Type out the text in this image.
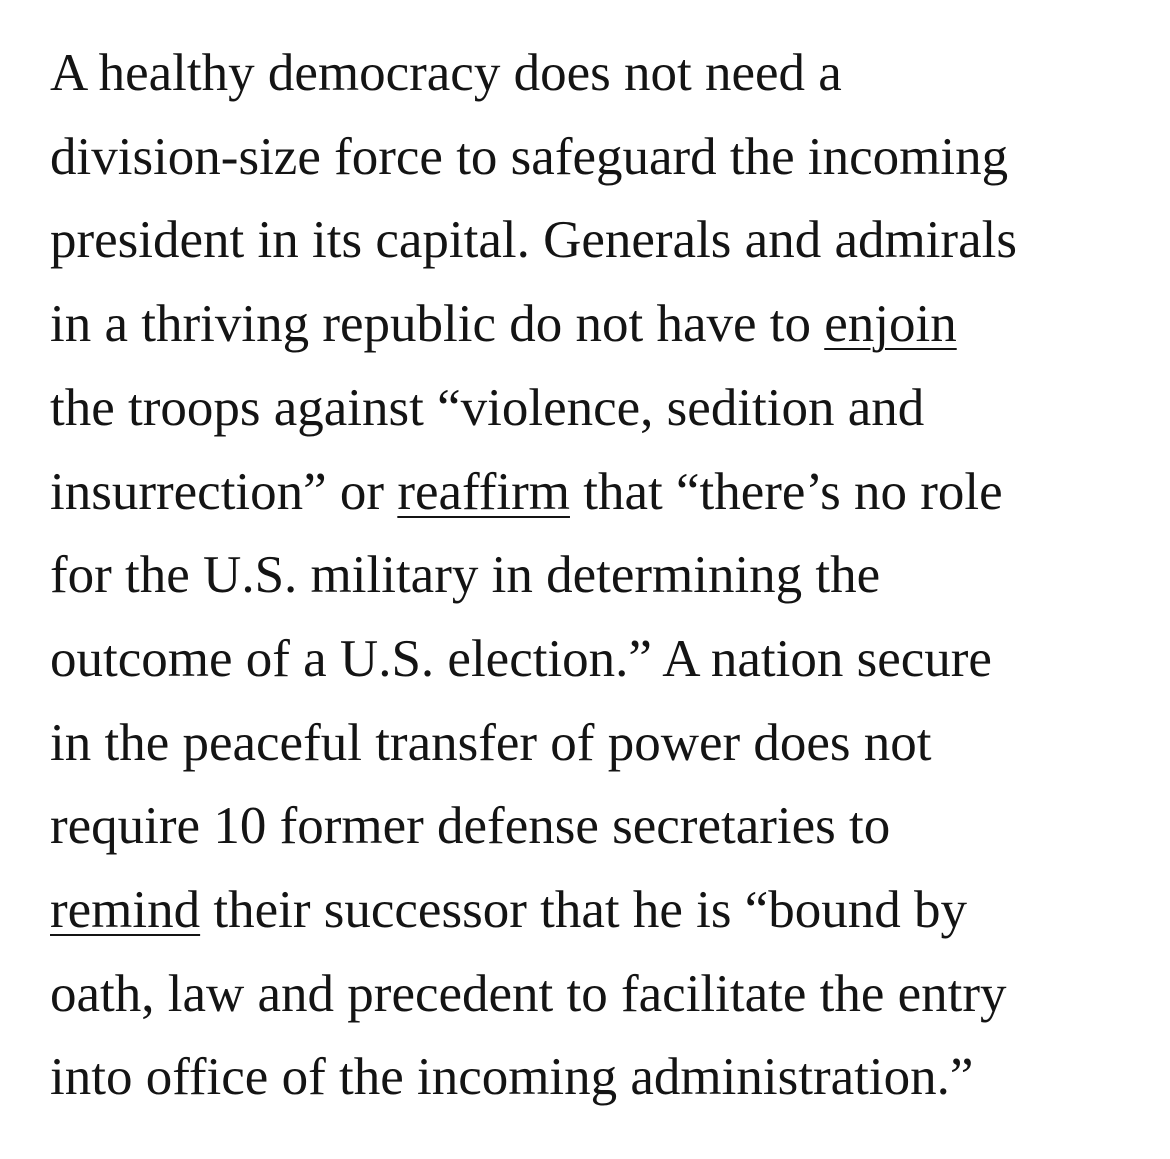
A healthy democracy does not need a
division-size force to safeguard the incoming
president in its capital. Generals and admirals
in a thriving republic do not have to enjoin
the troops against “violence, sedition and
insurrection” or reaffirm that “there’s no role
for the U.S. military in determining the
outcome of a U.S. election.” A nation secure
in the peaceful transfer of power does not
require 10 former defense secretaries to
remind their successor that he is “bound by
oath, law and precedent to facilitate the entry
into office of the incoming administration.”
